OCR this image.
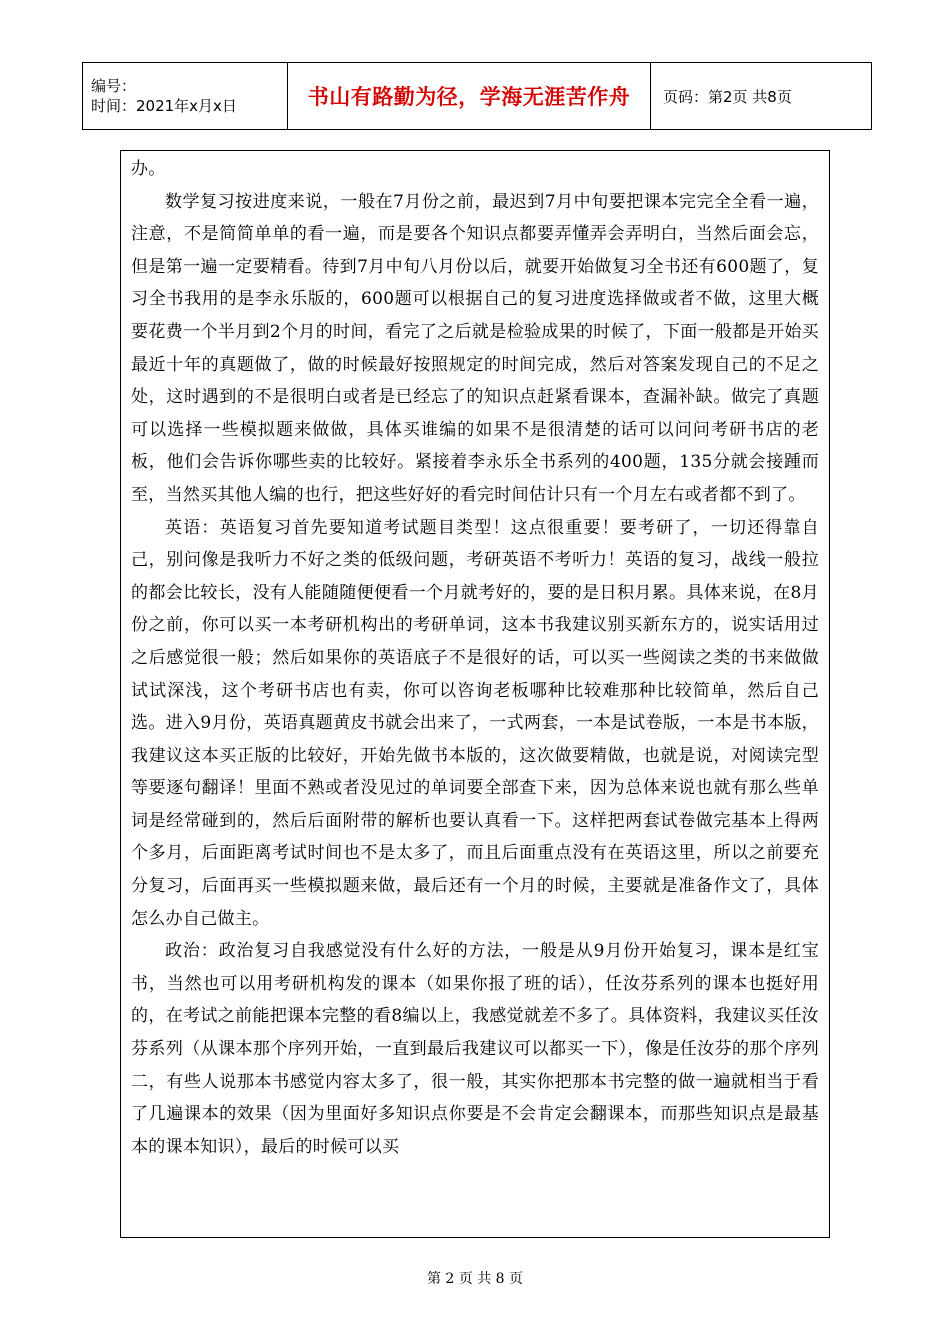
编号：
时间：2021年x月x日	书山有路勤为径，学海无涯苦作舟	页码：第2页 共8页

办。

数学复习按进度来说，一般在7月份之前，最迟到7月中旬要把课本完完全全看一遍，注意，不是简简单单的看一遍，而是要各个知识点都要弄懂弄会弄明白，当然后面会忘，但是第一遍一定要精看。待到7月中旬八月份以后，就要开始做复习全书还有600题了，复习全书我用的是李永乐版的，600题可以根据自己的复习进度选择做或者不做，这里大概要花费一个半月到2个月的时间，看完了之后就是检验成果的时候了，下面一般都是开始买最近十年的真题做了，做的时候最好按照规定的时间完成，然后对答案发现自己的不足之处，这时遇到的不是很明白或者是已经忘了的知识点赶紧看课本，查漏补缺。做完了真题可以选择一些模拟题来做做，具体买谁编的如果不是很清楚的话可以问问考研书店的老板，他们会告诉你哪些卖的比较好。紧接着李永乐全书系列的400题，135分就会接踵而至，当然买其他人编的也行，把这些好好的看完时间估计只有一个月左右或者都不到了。

英语：英语复习首先要知道考试题目类型！这点很重要！要考研了，一切还得靠自己，别问像是我听力不好之类的低级问题，考研英语不考听力！英语的复习，战线一般拉的都会比较长，没有人能随随便便看一个月就考好的，要的是日积月累。具体来说，在8月份之前，你可以买一本考研机构出的考研单词，这本书我建议别买新东方的，说实话用过之后感觉很一般；然后如果你的英语底子不是很好的话，可以买一些阅读之类的书来做做试试深浅，这个考研书店也有卖，你可以咨询老板哪种比较难那种比较简单，然后自己选。进入9月份，英语真题黄皮书就会出来了，一式两套，一本是试卷版，一本是书本版，我建议这本买正版的比较好，开始先做书本版的，这次做要精做，也就是说，对阅读完型等要逐句翻译！里面不熟或者没见过的单词要全部查下来，因为总体来说也就有那么些单词是经常碰到的，然后后面附带的解析也要认真看一下。这样把两套试卷做完基本上得两个多月，后面距离考试时间也不是太多了，而且后面重点没有在英语这里，所以之前要充分复习，后面再买一些模拟题来做，最后还有一个月的时候，主要就是准备作文了，具体怎么办自己做主。

政治：政治复习自我感觉没有什么好的方法，一般是从9月份开始复习，课本是红宝书，当然也可以用考研机构发的课本（如果你报了班的话），任汝芬系列的课本也挺好用的，在考试之前能把课本完整的看8编以上，我感觉就差不多了。具体资料，我建议买任汝芬系列（从课本那个序列开始，一直到最后我建议可以都买一下），像是任汝芬的那个序列二，有些人说那本书感觉内容太多了，很一般，其实你把那本书完整的做一遍就相当于看了几遍课本的效果（因为里面好多知识点你要是不会肯定会翻课本，而那些知识点是最基本的课本知识），最后的时候可以买

第 2 页 共 8 页
